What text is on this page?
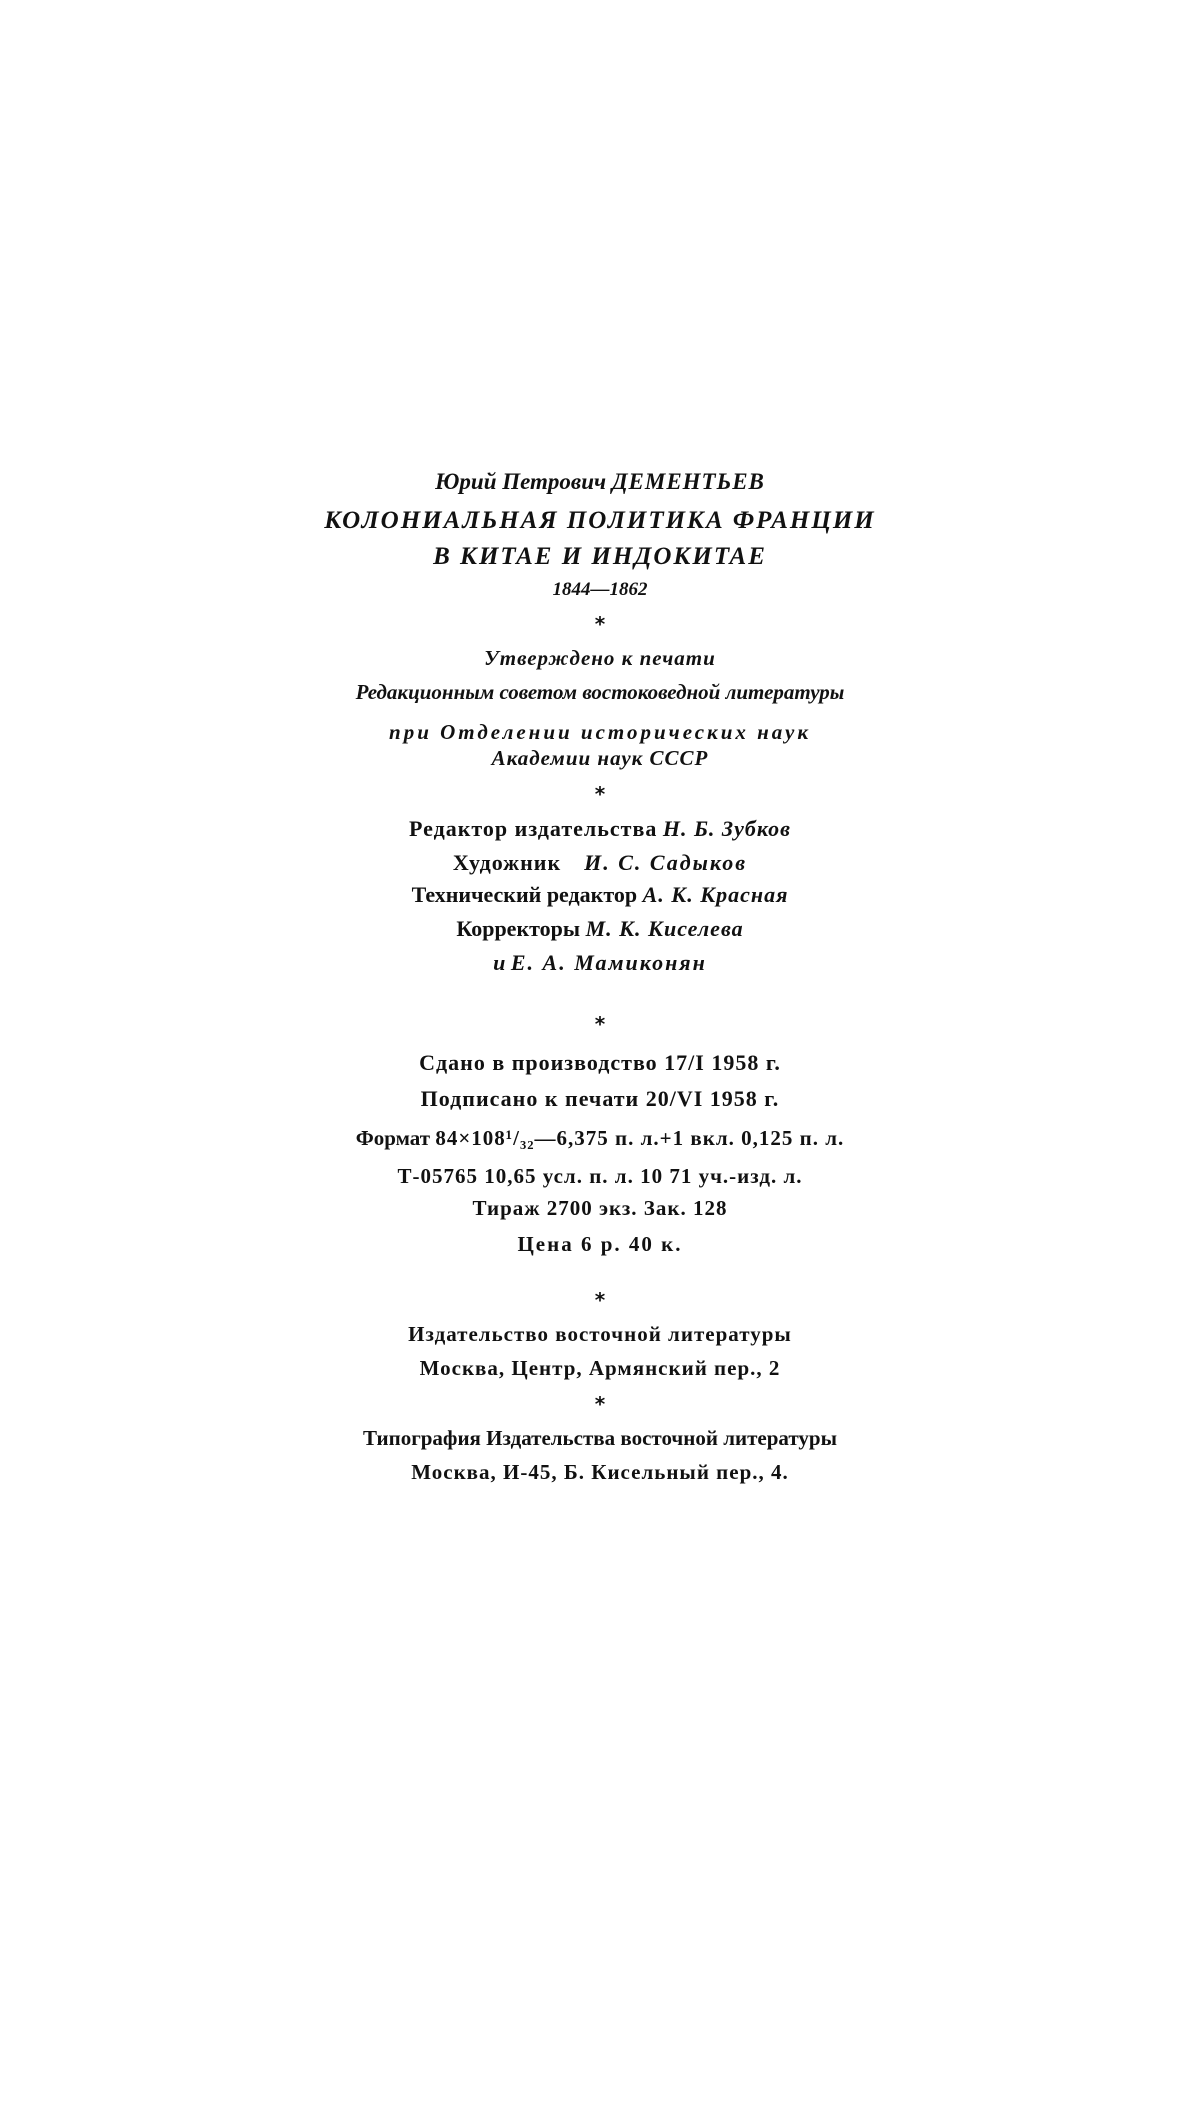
Юрий Петрович ДЕМЕНТЬЕВ
КОЛОНИАЛЬНАЯ ПОЛИТИКА ФРАНЦИИ
В КИТАЕ И ИНДОКИТАЕ
1844—1862
*
Утверждено к печати
Редакционным советом востоковедной литературы
при Отделении исторических наук
Академии наук СССР
*
Редактор издательства Н. Б. Зубков
Художник И. С. Садыков
Технический редактор А. К. Красная
Корректоры М. К. Киселева
и Е. А. Мамиконян
*
Сдано в производство 17/I 1958 г.
Подписано к печати 20/VI 1958 г.
Формат 84×108¹/₃₂—6,375 п. л.+1 вкл. 0,125 п. л.
Т-05765 10,65 усл. п. л. 10 71 уч.-изд. л.
Тираж 2700 экз. Зак. 128
Цена 6 р. 40 к.
*
Издательство восточной литературы
Москва, Центр, Армянский пер., 2
*
Типография Издательства восточной литературы
Москва, И-45, Б. Кисельный пер., 4.
